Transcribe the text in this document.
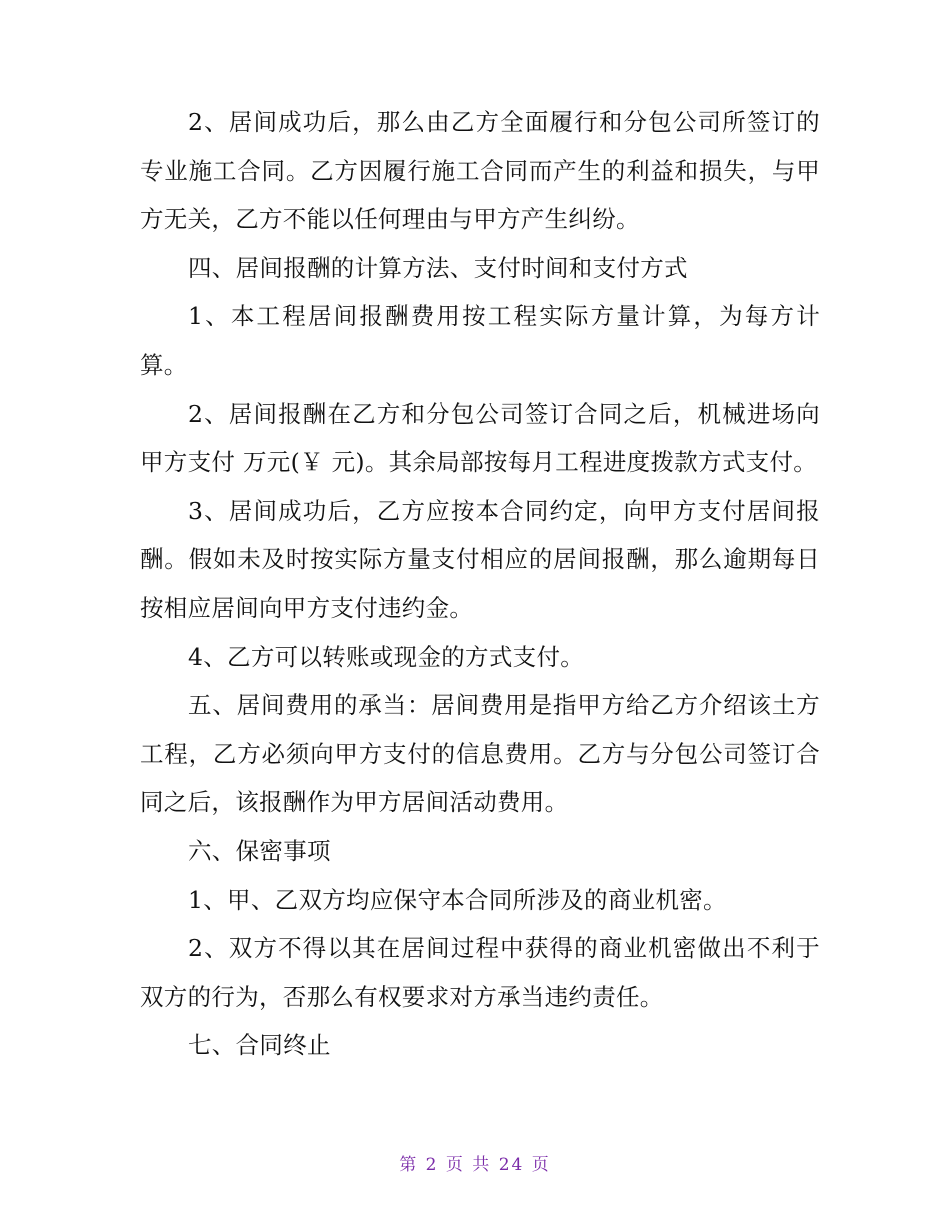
2、居间成功后，那么由乙方全面履行和分包公司所签订的专业施工合同。乙方因履行施工合同而产生的利益和损失，与甲方无关，乙方不能以任何理由与甲方产生纠纷。

四、居间报酬的计算方法、支付时间和支付方式

1、本工程居间报酬费用按工程实际方量计算，为每方计算。

2、居间报酬在乙方和分包公司签订合同之后，机械进场向甲方支付 万元(￥ 元)。其余局部按每月工程进度拨款方式支付。

3、居间成功后，乙方应按本合同约定，向甲方支付居间报酬。假如未及时按实际方量支付相应的居间报酬，那么逾期每日按相应居间向甲方支付违约金。

4、乙方可以转账或现金的方式支付。

五、居间费用的承当：居间费用是指甲方给乙方介绍该土方工程，乙方必须向甲方支付的信息费用。乙方与分包公司签订合同之后，该报酬作为甲方居间活动费用。

六、保密事项

1、甲、乙双方均应保守本合同所涉及的商业机密。

2、双方不得以其在居间过程中获得的商业机密做出不利于双方的行为，否那么有权要求对方承当违约责任。

七、合同终止

第 2 页 共 24 页
